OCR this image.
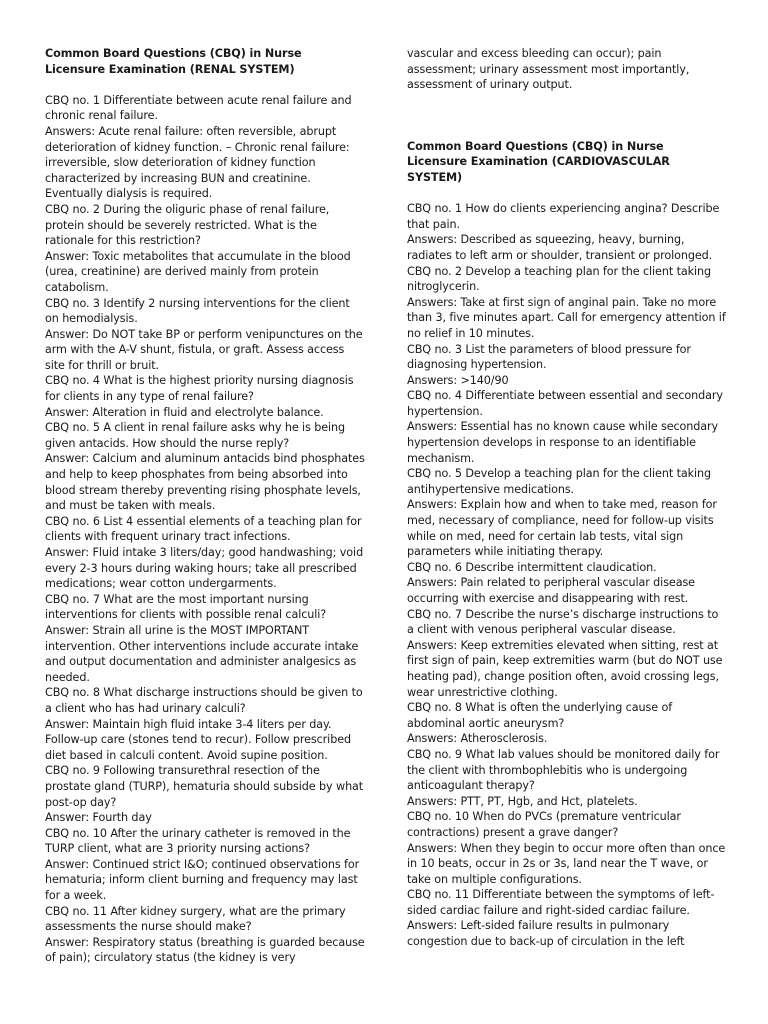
Common Board Questions (CBQ) in Nurse Licensure Examination (RENAL SYSTEM)

CBQ no. 1 Differentiate between acute renal failure and chronic renal failure.

Answers: Acute renal failure: often reversible, abrupt deterioration of kidney function. – Chronic renal failure: irreversible, slow deterioration of kidney function characterized by increasing BUN and creatinine. Eventually dialysis is required.

CBQ no. 2 During the oliguric phase of renal failure, protein should be severely restricted. What is the rationale for this restriction?

Answer: Toxic metabolites that accumulate in the blood (urea, creatinine) are derived mainly from protein catabolism.

CBQ no. 3 Identify 2 nursing interventions for the client on hemodialysis.

Answer: Do NOT take BP or perform venipunctures on the arm with the A-V shunt, fistula, or graft. Assess access site for thrill or bruit.

CBQ no. 4 What is the highest priority nursing diagnosis for clients in any type of renal failure?

Answer: Alteration in fluid and electrolyte balance.

CBQ no. 5 A client in renal failure asks why he is being given antacids. How should the nurse reply?

Answer: Calcium and aluminum antacids bind phosphates and help to keep phosphates from being absorbed into blood stream thereby preventing rising phosphate levels, and must be taken with meals.

CBQ no. 6 List 4 essential elements of a teaching plan for clients with frequent urinary tract infections.

Answer: Fluid intake 3 liters/day; good handwashing; void every 2-3 hours during waking hours; take all prescribed medications; wear cotton undergarments.

CBQ no. 7 What are the most important nursing interventions for clients with possible renal calculi?

Answer: Strain all urine is the MOST IMPORTANT intervention. Other interventions include accurate intake and output documentation and administer analgesics as needed.

CBQ no. 8 What discharge instructions should be given to a client who has had urinary calculi?

Answer: Maintain high fluid intake 3-4 liters per day. Follow-up care (stones tend to recur). Follow prescribed diet based in calculi content. Avoid supine position.

CBQ no. 9 Following transurethral resection of the prostate gland (TURP), hematuria should subside by what post-op day?

Answer: Fourth day

CBQ no. 10 After the urinary catheter is removed in the TURP client, what are 3 priority nursing actions?

Answer: Continued strict I&O; continued observations for hematuria; inform client burning and frequency may last for a week.

CBQ no. 11 After kidney surgery, what are the primary assessments the nurse should make?

Answer: Respiratory status (breathing is guarded because of pain); circulatory status (the kidney is very

vascular and excess bleeding can occur); pain assessment; urinary assessment most importantly, assessment of urinary output.

Common Board Questions (CBQ) in Nurse Licensure Examination (CARDIOVASCULAR SYSTEM)

CBQ no. 1 How do clients experiencing angina? Describe that pain.

Answers: Described as squeezing, heavy, burning, radiates to left arm or shoulder, transient or prolonged.

CBQ no. 2 Develop a teaching plan for the client taking nitroglycerin.

Answers: Take at first sign of anginal pain. Take no more than 3, five minutes apart. Call for emergency attention if no relief in 10 minutes.

CBQ no. 3 List the parameters of blood pressure for diagnosing hypertension.

Answers: >140/90

CBQ no. 4 Differentiate between essential and secondary hypertension.

Answers: Essential has no known cause while secondary hypertension develops in response to an identifiable mechanism.

CBQ no. 5 Develop a teaching plan for the client taking antihypertensive medications.

Answers: Explain how and when to take med, reason for med, necessary of compliance, need for follow-up visits while on med, need for certain lab tests, vital sign parameters while initiating therapy.

CBQ no. 6 Describe intermittent claudication.

Answers: Pain related to peripheral vascular disease occurring with exercise and disappearing with rest.

CBQ no. 7 Describe the nurse’s discharge instructions to a client with venous peripheral vascular disease.

Answers: Keep extremities elevated when sitting, rest at first sign of pain, keep extremities warm (but do NOT use heating pad), change position often, avoid crossing legs, wear unrestrictive clothing.

CBQ no. 8 What is often the underlying cause of abdominal aortic aneurysm?

Answers: Atherosclerosis.

CBQ no. 9 What lab values should be monitored daily for the client with thrombophlebitis who is undergoing anticoagulant therapy?

Answers: PTT, PT, Hgb, and Hct, platelets.

CBQ no. 10 When do PVCs (premature ventricular contractions) present a grave danger?

Answers: When they begin to occur more often than once in 10 beats, occur in 2s or 3s, land near the T wave, or take on multiple configurations.

CBQ no. 11 Differentiate between the symptoms of left-sided cardiac failure and right-sided cardiac failure.

Answers: Left-sided failure results in pulmonary congestion due to back-up of circulation in the left
